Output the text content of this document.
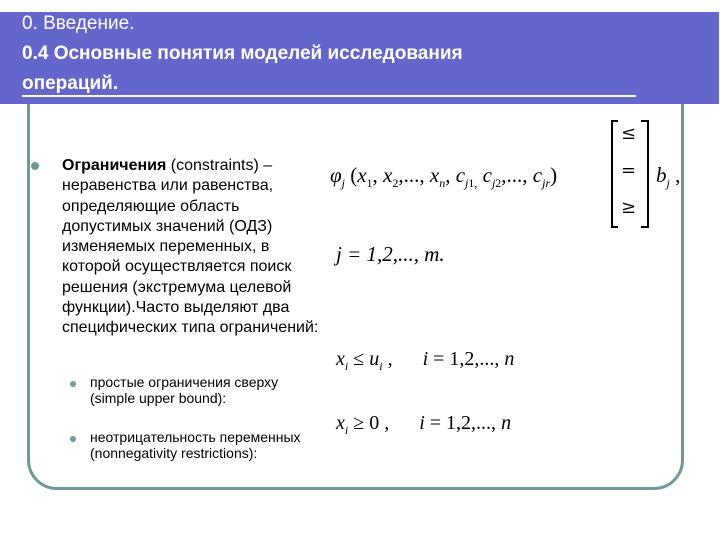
0. Введение.
0.4 Основные понятия моделей исследования
операций.
Ограничения (constraints) – неравенства или равенства, определяющие область допустимых значений (ОДЗ) изменяемых переменных, в которой осуществляется поиск решения (экстремума целевой функции).Часто выделяют два специфических типа ограничений:
простые ограничения сверху (simple upper bound):
неотрицательность переменных (nonnegativity restrictions):
$\varphi_j$ ($x_1$, $x_2$,..., $x_n$, $c_{j1,}$ $c_{j2}$,..., $c_{jr}$)
≤
=
≥
$b_j$ ,
j = 1,2,..., m.
$x_i \le u_i$ ,      i = 1,2,..., n
$x_i \ge 0$ ,      i = 1,2,..., n
